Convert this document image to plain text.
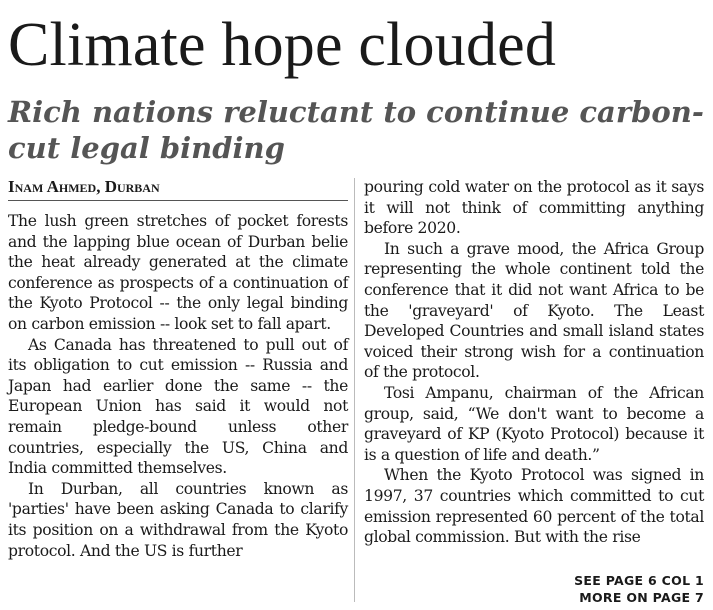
Climate hope clouded
Rich nations reluctant to continue carbon-cut legal binding
Inam Ahmed, Durban

The lush green stretches of pocket forests and the lapping blue ocean of Durban belie the heat already generated at the climate conference as prospects of a continuation of the Kyoto Protocol -- the only legal binding on carbon emission -- look set to fall apart.

As Canada has threatened to pull out of its obligation to cut emission -- Russia and Japan had earlier done the same -- the European Union has said it would not remain pledge-bound unless other countries, especially the US, China and India committed themselves.

In Durban, all countries known as 'parties' have been asking Canada to clarify its position on a withdrawal from the Kyoto protocol. And the US is further

pouring cold water on the protocol as it says it will not think of committing anything before 2020.

In such a grave mood, the Africa Group representing the whole continent told the conference that it did not want Africa to be the 'graveyard' of Kyoto. The Least Developed Countries and small island states voiced their strong wish for a continuation of the protocol.

Tosi Ampanu, chairman of the African group, said, “We don't want to become a graveyard of KP (Kyoto Protocol) because it is a question of life and death.”

When the Kyoto Protocol was signed in 1997, 37 countries which committed to cut emission represented 60 percent of the total global commission. But with the rise

SEE PAGE 6 COL 1
MORE ON PAGE 7
